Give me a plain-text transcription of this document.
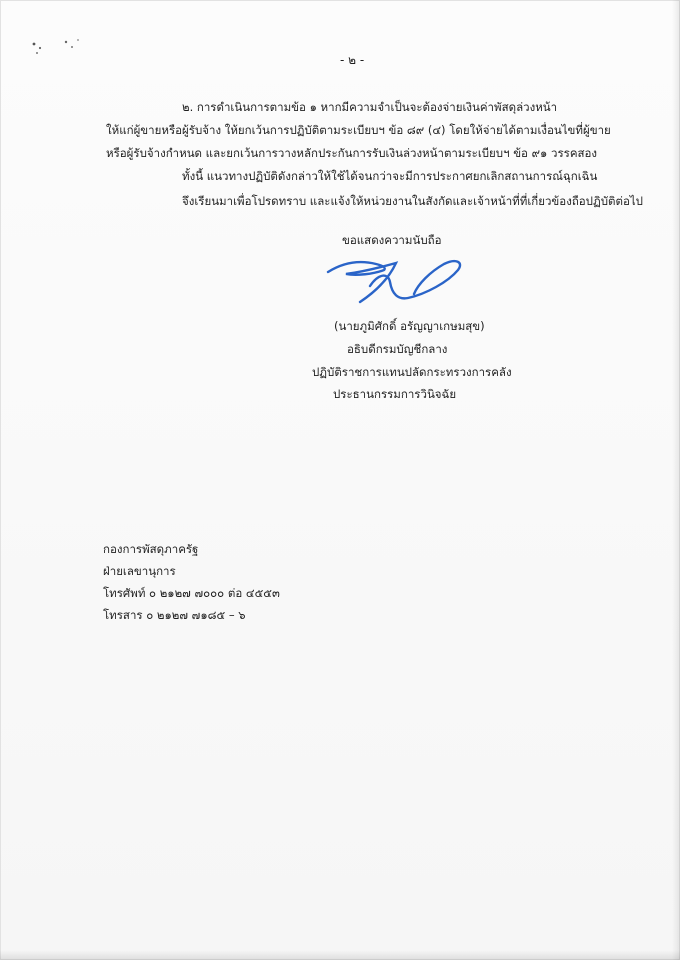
- ๒ -
๒. การดำเนินการตามข้อ ๑ หากมีความจำเป็นจะต้องจ่ายเงินค่าพัสดุล่วงหน้า
ให้แก่ผู้ขายหรือผู้รับจ้าง ให้ยกเว้นการปฏิบัติตามระเบียบฯ ข้อ ๘๙ (๔) โดยให้จ่ายได้ตามเงื่อนไขที่ผู้ขาย
หรือผู้รับจ้างกำหนด และยกเว้นการวางหลักประกันการรับเงินล่วงหน้าตามระเบียบฯ ข้อ ๙๑ วรรคสอง
ทั้งนี้ แนวทางปฏิบัติดังกล่าวให้ใช้ได้จนกว่าจะมีการประกาศยกเลิกสถานการณ์ฉุกเฉิน
จึงเรียนมาเพื่อโปรดทราบ และแจ้งให้หน่วยงานในสังกัดและเจ้าหน้าที่ที่เกี่ยวข้องถือปฏิบัติต่อไป
ขอแสดงความนับถือ
(นายภูมิศักดิ์ อรัญญาเกษมสุข)
อธิบดีกรมบัญชีกลาง
ปฏิบัติราชการแทนปลัดกระทรวงการคลัง
ประธานกรรมการวินิจฉัย
กองการพัสดุภาครัฐ
ฝ่ายเลขานุการ
โทรศัพท์ ๐ ๒๑๒๗ ๗๐๐๐ ต่อ ๔๕๕๓
โทรสาร ๐ ๒๑๒๗ ๗๑๘๕ – ๖
